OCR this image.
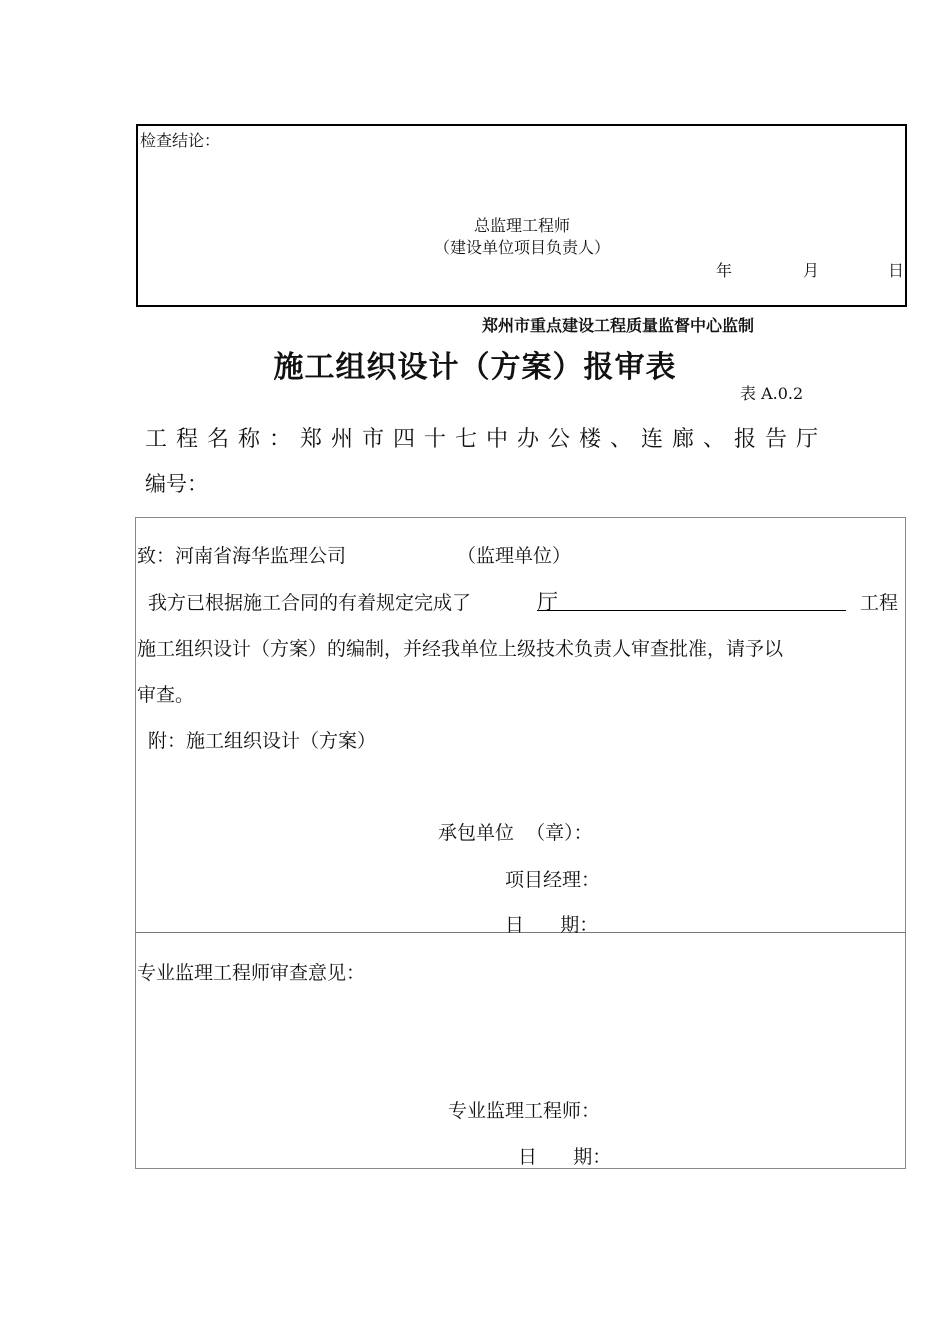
检查结论：
总监理工程师
（建设单位项目负责人）
年	月	日
郑州市重点建设工程质量监督中心监制
施工组织设计（方案）报审表
表 A.0.2
工程名称：郑州市四十七中办公楼、连廊、报告厅
编号：
致：河南省海华监理公司	（监理单位）
我方已根据施工合同的有着规定完成了	厅	工程
施工组织设计（方案）的编制，并经我单位上级技术负责人审查批准，请予以
审查。
附：施工组织设计（方案）
承包单位  （章）：
项目经理：
日      期：
专业监理工程师审查意见：
专业监理工程师：
日      期：
